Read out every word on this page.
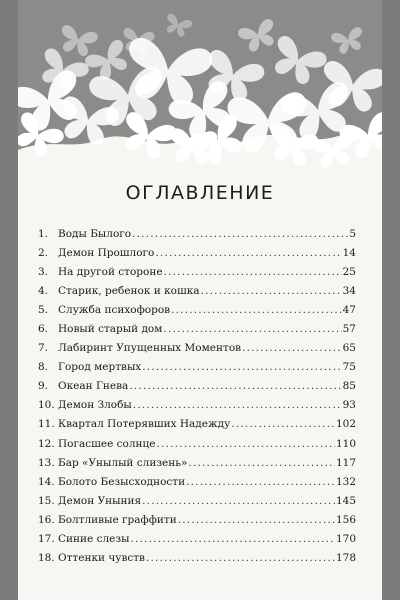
ОГЛАВЛЕНИЕ
1. Воды Былого .....	5
2. Демон Прошлого .....	14
3. На другой стороне .....	25
4. Старик, ребенок и кошка .....	34
5. Служба психофоров .....	47
6. Новый старый дом .....	57
7. Лабиринт Упущенных Моментов .....	65
8. Город мертвых .....	75
9. Океан Гнева .....	85
10. Демон Злобы .....	93
11. Квартал Потерявших Надежду .....	102
12. Погасшее солнце .....	110
13. Бар «Унылый слизень» .....	117
14. Болото Безысходности .....	132
15. Демон Уныния .....	145
16. Болтливые граффити .....	156
17. Синие слезы .....	170
18. Оттенки чувств .....	178
